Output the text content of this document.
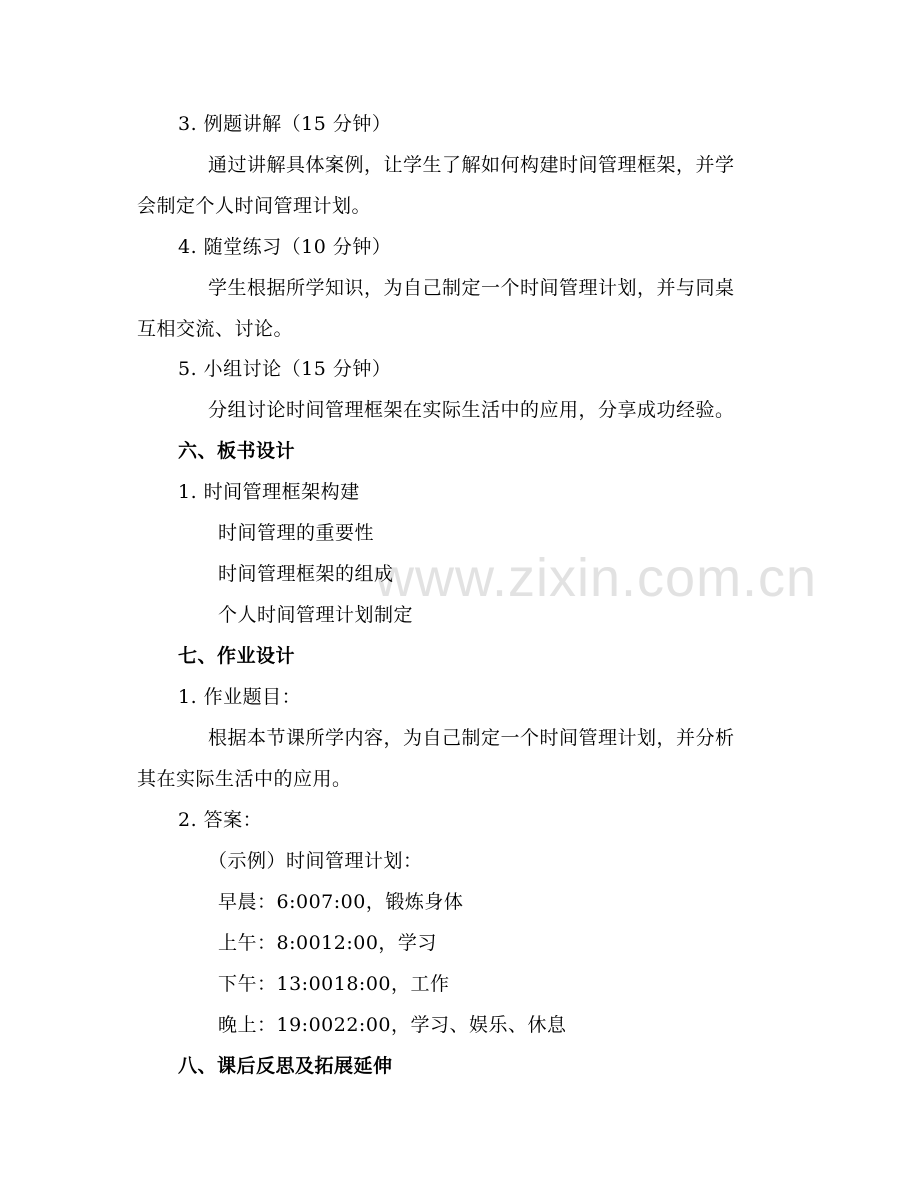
www.zixin.com.cn
3. 例题讲解（15 分钟）
通过讲解具体案例，让学生了解如何构建时间管理框架，并学
会制定个人时间管理计划。
4. 随堂练习（10 分钟）
学生根据所学知识，为自己制定一个时间管理计划，并与同桌
互相交流、讨论。
5. 小组讨论（15 分钟）
分组讨论时间管理框架在实际生活中的应用，分享成功经验。
六、板书设计
1. 时间管理框架构建
时间管理的重要性
时间管理框架的组成
个人时间管理计划制定
七、作业设计
1. 作业题目：
根据本节课所学内容，为自己制定一个时间管理计划，并分析
其在实际生活中的应用。
2. 答案：
（示例）时间管理计划：
早晨：6:007:00，锻炼身体
上午：8:0012:00，学习
下午：13:0018:00，工作
晚上：19:0022:00，学习、娱乐、休息
八、课后反思及拓展延伸
